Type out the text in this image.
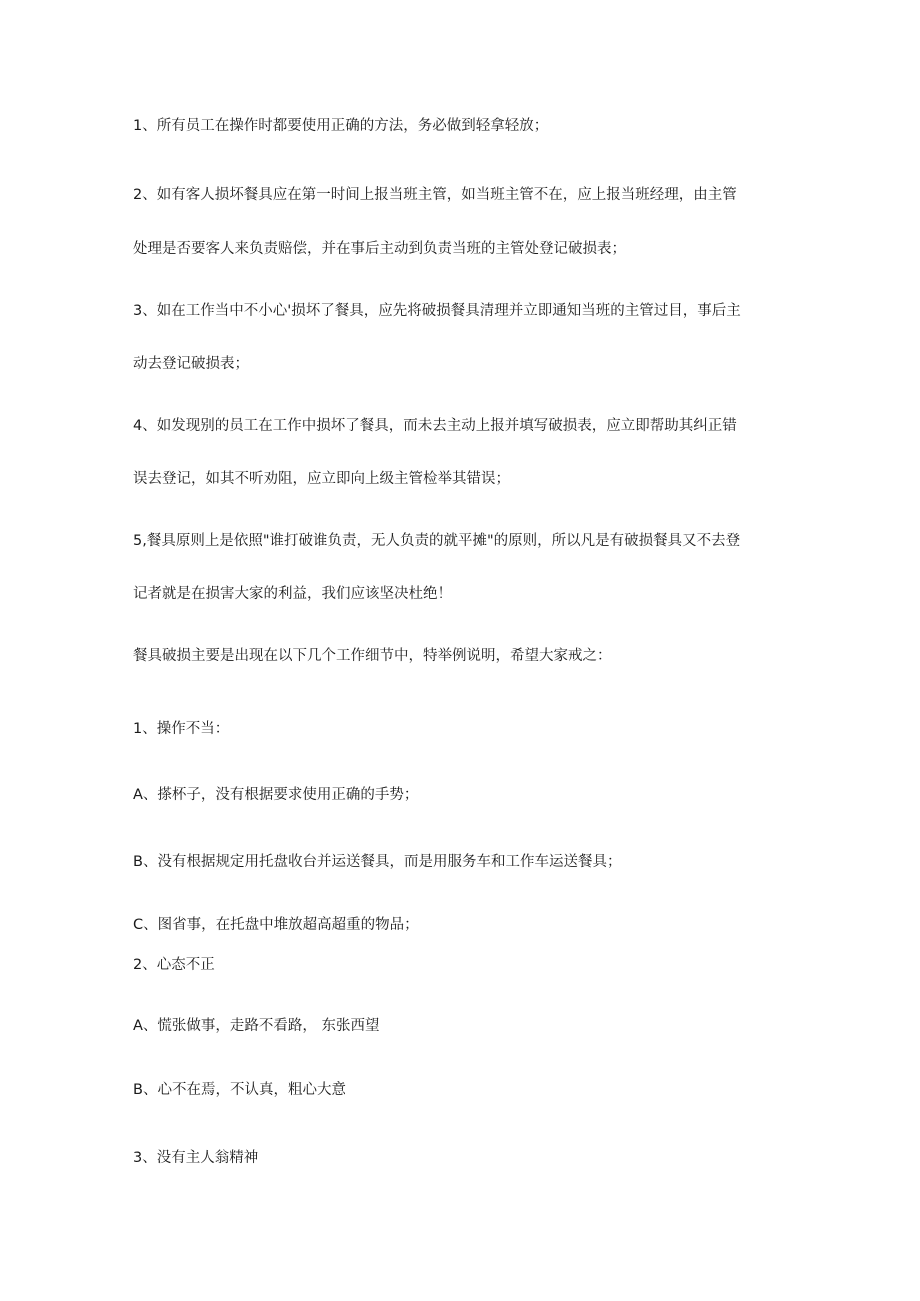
1、所有员工在操作时都要使用正确的方法，务必做到轻拿轻放；
2、如有客人损坏餐具应在第一时间上报当班主管，如当班主管不在，应上报当班经理，由主管
处理是否要客人来负责赔偿，并在事后主动到负责当班的主管处登记破损表；
3、如在工作当中不小心'损坏了餐具，应先将破损餐具清理并立即通知当班的主管过目，事后主
动去登记破损表；
4、如发现别的员工在工作中损坏了餐具，而未去主动上报并填写破损表，应立即帮助其纠正错
误去登记，如其不听劝阻，应立即向上级主管检举其错误；
5,餐具原则上是依照"谁打破谁负责，无人负责的就平摊"的原则，所以凡是有破损餐具又不去登
记者就是在损害大家的利益，我们应该坚决杜绝！
餐具破损主要是出现在以下几个工作细节中，特举例说明，希望大家戒之：
1、操作不当：
A、搽杯子，没有根据要求使用正确的手势；
B、没有根据规定用托盘收台并运送餐具，而是用服务车和工作车运送餐具；
C、图省事，在托盘中堆放超高超重的物品；
2、心态不正
A、慌张做事，走路不看路， 东张西望
B、心不在焉，不认真，粗心大意
3、没有主人翁精神
